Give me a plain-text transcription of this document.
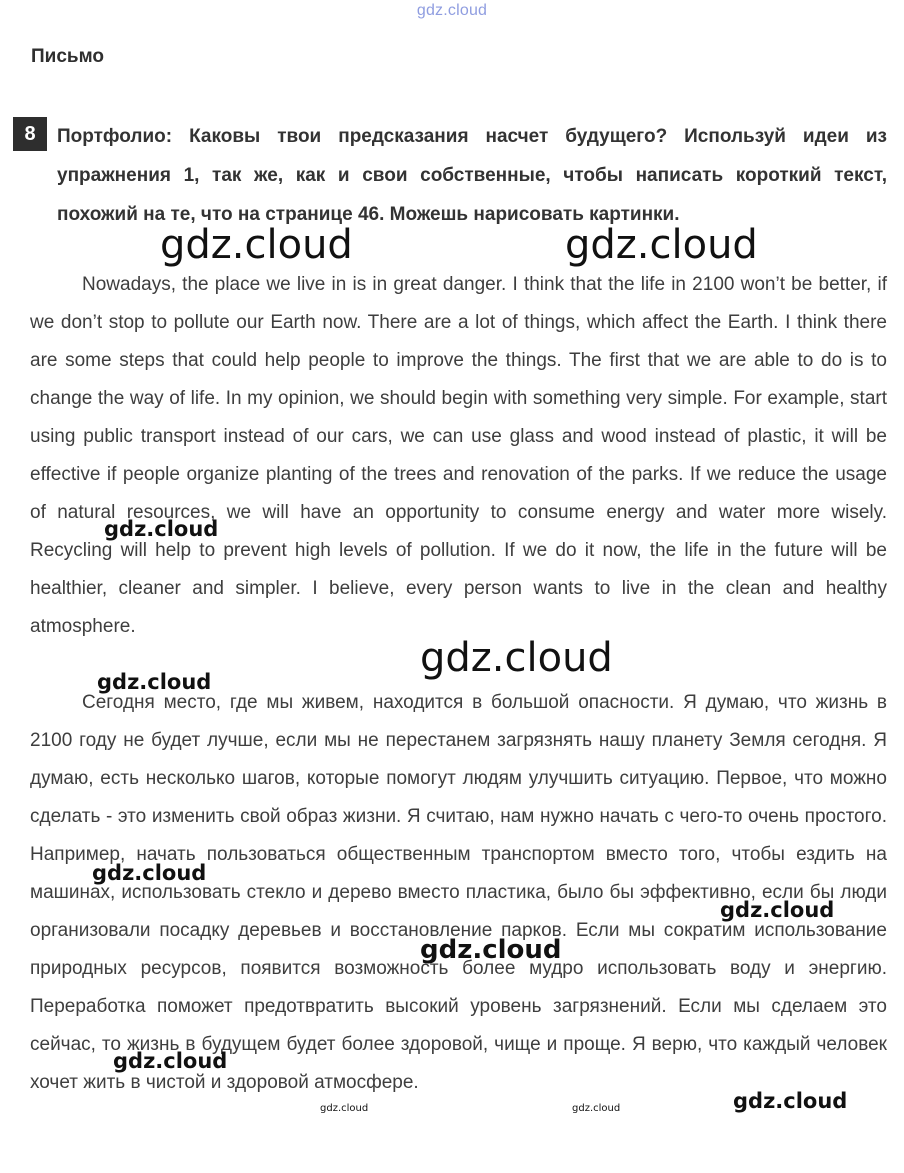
gdz.cloud
Письмо
8	Портфолио: Каковы твои предсказания насчет будущего? Используй идеи из упражнения 1, так же, как и свои собственные, чтобы написать короткий текст, похожий на те, что на странице 46. Можешь нарисовать картинки.

Nowadays, the place we live in is in great danger. I think that the life in 2100 won’t be better, if we don’t stop to pollute our Earth now. There are a lot of things, which affect the Earth. I think there are some steps that could help people to improve the things. The first that we are able to do is to change the way of life. In my opinion, we should begin with something very simple. For example, start using public transport instead of our cars, we can use glass and wood instead of plastic, it will be effective if people organize planting of the trees and renovation of the parks. If we reduce the usage of natural resources, we will have an opportunity to consume energy and water more wisely. Recycling will help to prevent high levels of pollution. If we do it now, the life in the future will be healthier, cleaner and simpler. I believe, every person wants to live in the clean and healthy atmosphere.

Сегодня место, где мы живем, находится в большой опасности. Я думаю, что жизнь в 2100 году не будет лучше, если мы не перестанем загрязнять нашу планету Земля сегодня. Я думаю, есть несколько шагов, которые помогут людям улучшить ситуацию. Первое, что можно сделать - это изменить свой образ жизни. Я считаю, нам нужно начать с чего-то очень простого. Например, начать пользоваться общественным транспортом вместо того, чтобы ездить на машинах, использовать стекло и дерево вместо пластика, было бы эффективно, если бы люди организовали посадку деревьев и восстановление парков. Если мы сократим использование природных ресурсов, появится возможность более мудро использовать воду и энергию. Переработка поможет предотвратить высокий уровень загрязнений. Если мы сделаем это сейчас, то жизнь в будущем будет более здоровой, чище и проще. Я верю, что каждый человек хочет жить в чистой и здоровой атмосфере.

gdz.cloud	gdz.cloud
gdz.cloud
gdz.cloud
gdz.cloud
gdz.cloud
gdz.cloud
gdz.cloud
gdz.cloud
gdz.cloud
gdz.cloud	gdz.cloud
